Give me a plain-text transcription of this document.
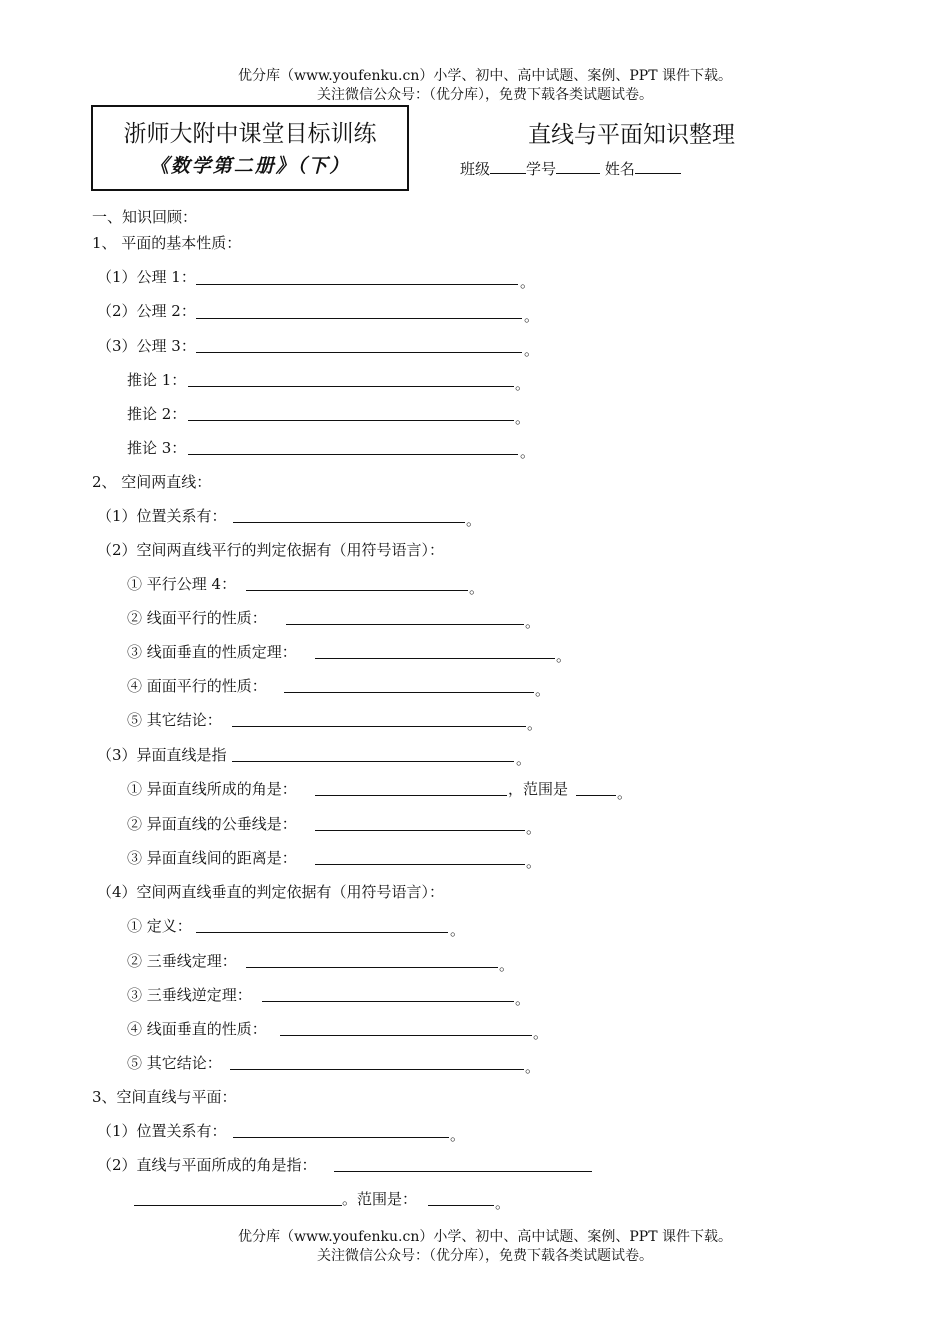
优分库（www.youfenku.cn）小学、初中、高中试题、案例、PPT 课件下载。
关注微信公众号：（优分库），免费下载各类试题试卷。
浙师大附中课堂目标训练
《数学第二册》（下）
直线与平面知识整理
班级 学号	姓名
一、知识回顾：
1、 平面的基本性质：
（1）公理 1：	。
（2）公理 2：	。
（3）公理 3：	。
推论 1：	。
推论 2：	。
推论 3：	。
2、 空间两直线：
（1）位置关系有：	。
（2）空间两直线平行的判定依据有（用符号语言）：
① 平行公理 4：	。
② 线面平行的性质：	。
③ 线面垂直的性质定理：	。
④ 面面平行的性质：	。
⑤ 其它结论：	。
（3）异面直线是指	。
① 异面直线所成的角是：	，范围是	。
② 异面直线的公垂线是：	。
③ 异面直线间的距离是：	。
（4）空间两直线垂直的判定依据有（用符号语言）：
① 定义：	。
② 三垂线定理：	。
③ 三垂线逆定理：	。
④ 线面垂直的性质：	。
⑤ 其它结论：	。
3、空间直线与平面：
（1）位置关系有：	。
（2）直线与平面所成的角是指：
。范围是：	。
优分库（www.youfenku.cn）小学、初中、高中试题、案例、PPT 课件下载。
关注微信公众号：（优分库），免费下载各类试题试卷。
